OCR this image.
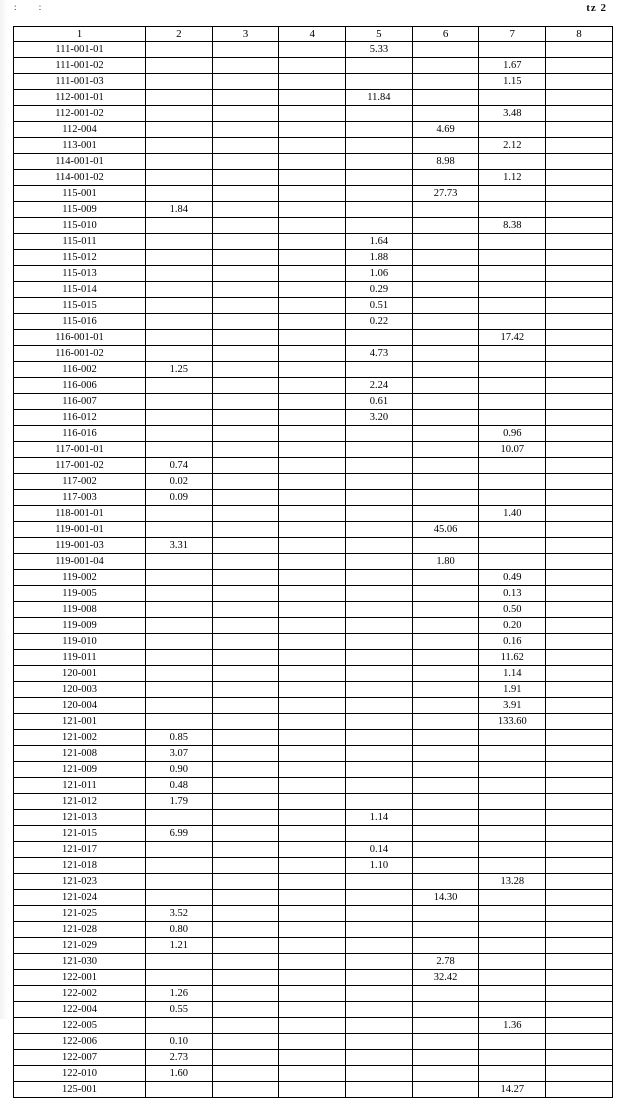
: :	tz 2
1	2	3	4	5	6	7	8
111-001-01				5.33			
111-001-02						1.67	
111-001-03						1.15	
112-001-01				11.84			
112-001-02						3.48	
112-004					4.69		
113-001						2.12	
114-001-01					8.98		
114-001-02						1.12	
115-001					27.73		
115-009	1.84						
115-010						8.38	
115-011				1.64			
115-012				1.88			
115-013				1.06			
115-014				0.29			
115-015				0.51			
115-016				0.22			
116-001-01						17.42	
116-001-02				4.73			
116-002	1.25						
116-006				2.24			
116-007				0.61			
116-012				3.20			
116-016						0.96	
117-001-01						10.07	
117-001-02	0.74						
117-002	0.02						
117-003	0.09						
118-001-01						1.40	
119-001-01					45.06		
119-001-03	3.31						
119-001-04					1.80		
119-002						0.49	
119-005						0.13	
119-008						0.50	
119-009						0.20	
119-010						0.16	
119-011						11.62	
120-001						1.14	
120-003						1.91	
120-004						3.91	
121-001						133.60	
121-002	0.85						
121-008	3.07						
121-009	0.90						
121-011	0.48						
121-012	1.79						
121-013				1.14			
121-015	6.99						
121-017				0.14			
121-018				1.10			
121-023						13.28	
121-024					14.30		
121-025	3.52						
121-028	0.80						
121-029	1.21						
121-030					2.78		
122-001					32.42		
122-002	1.26						
122-004	0.55						
122-005						1.36	
122-006	0.10						
122-007	2.73						
122-010	1.60						
125-001						14.27	
